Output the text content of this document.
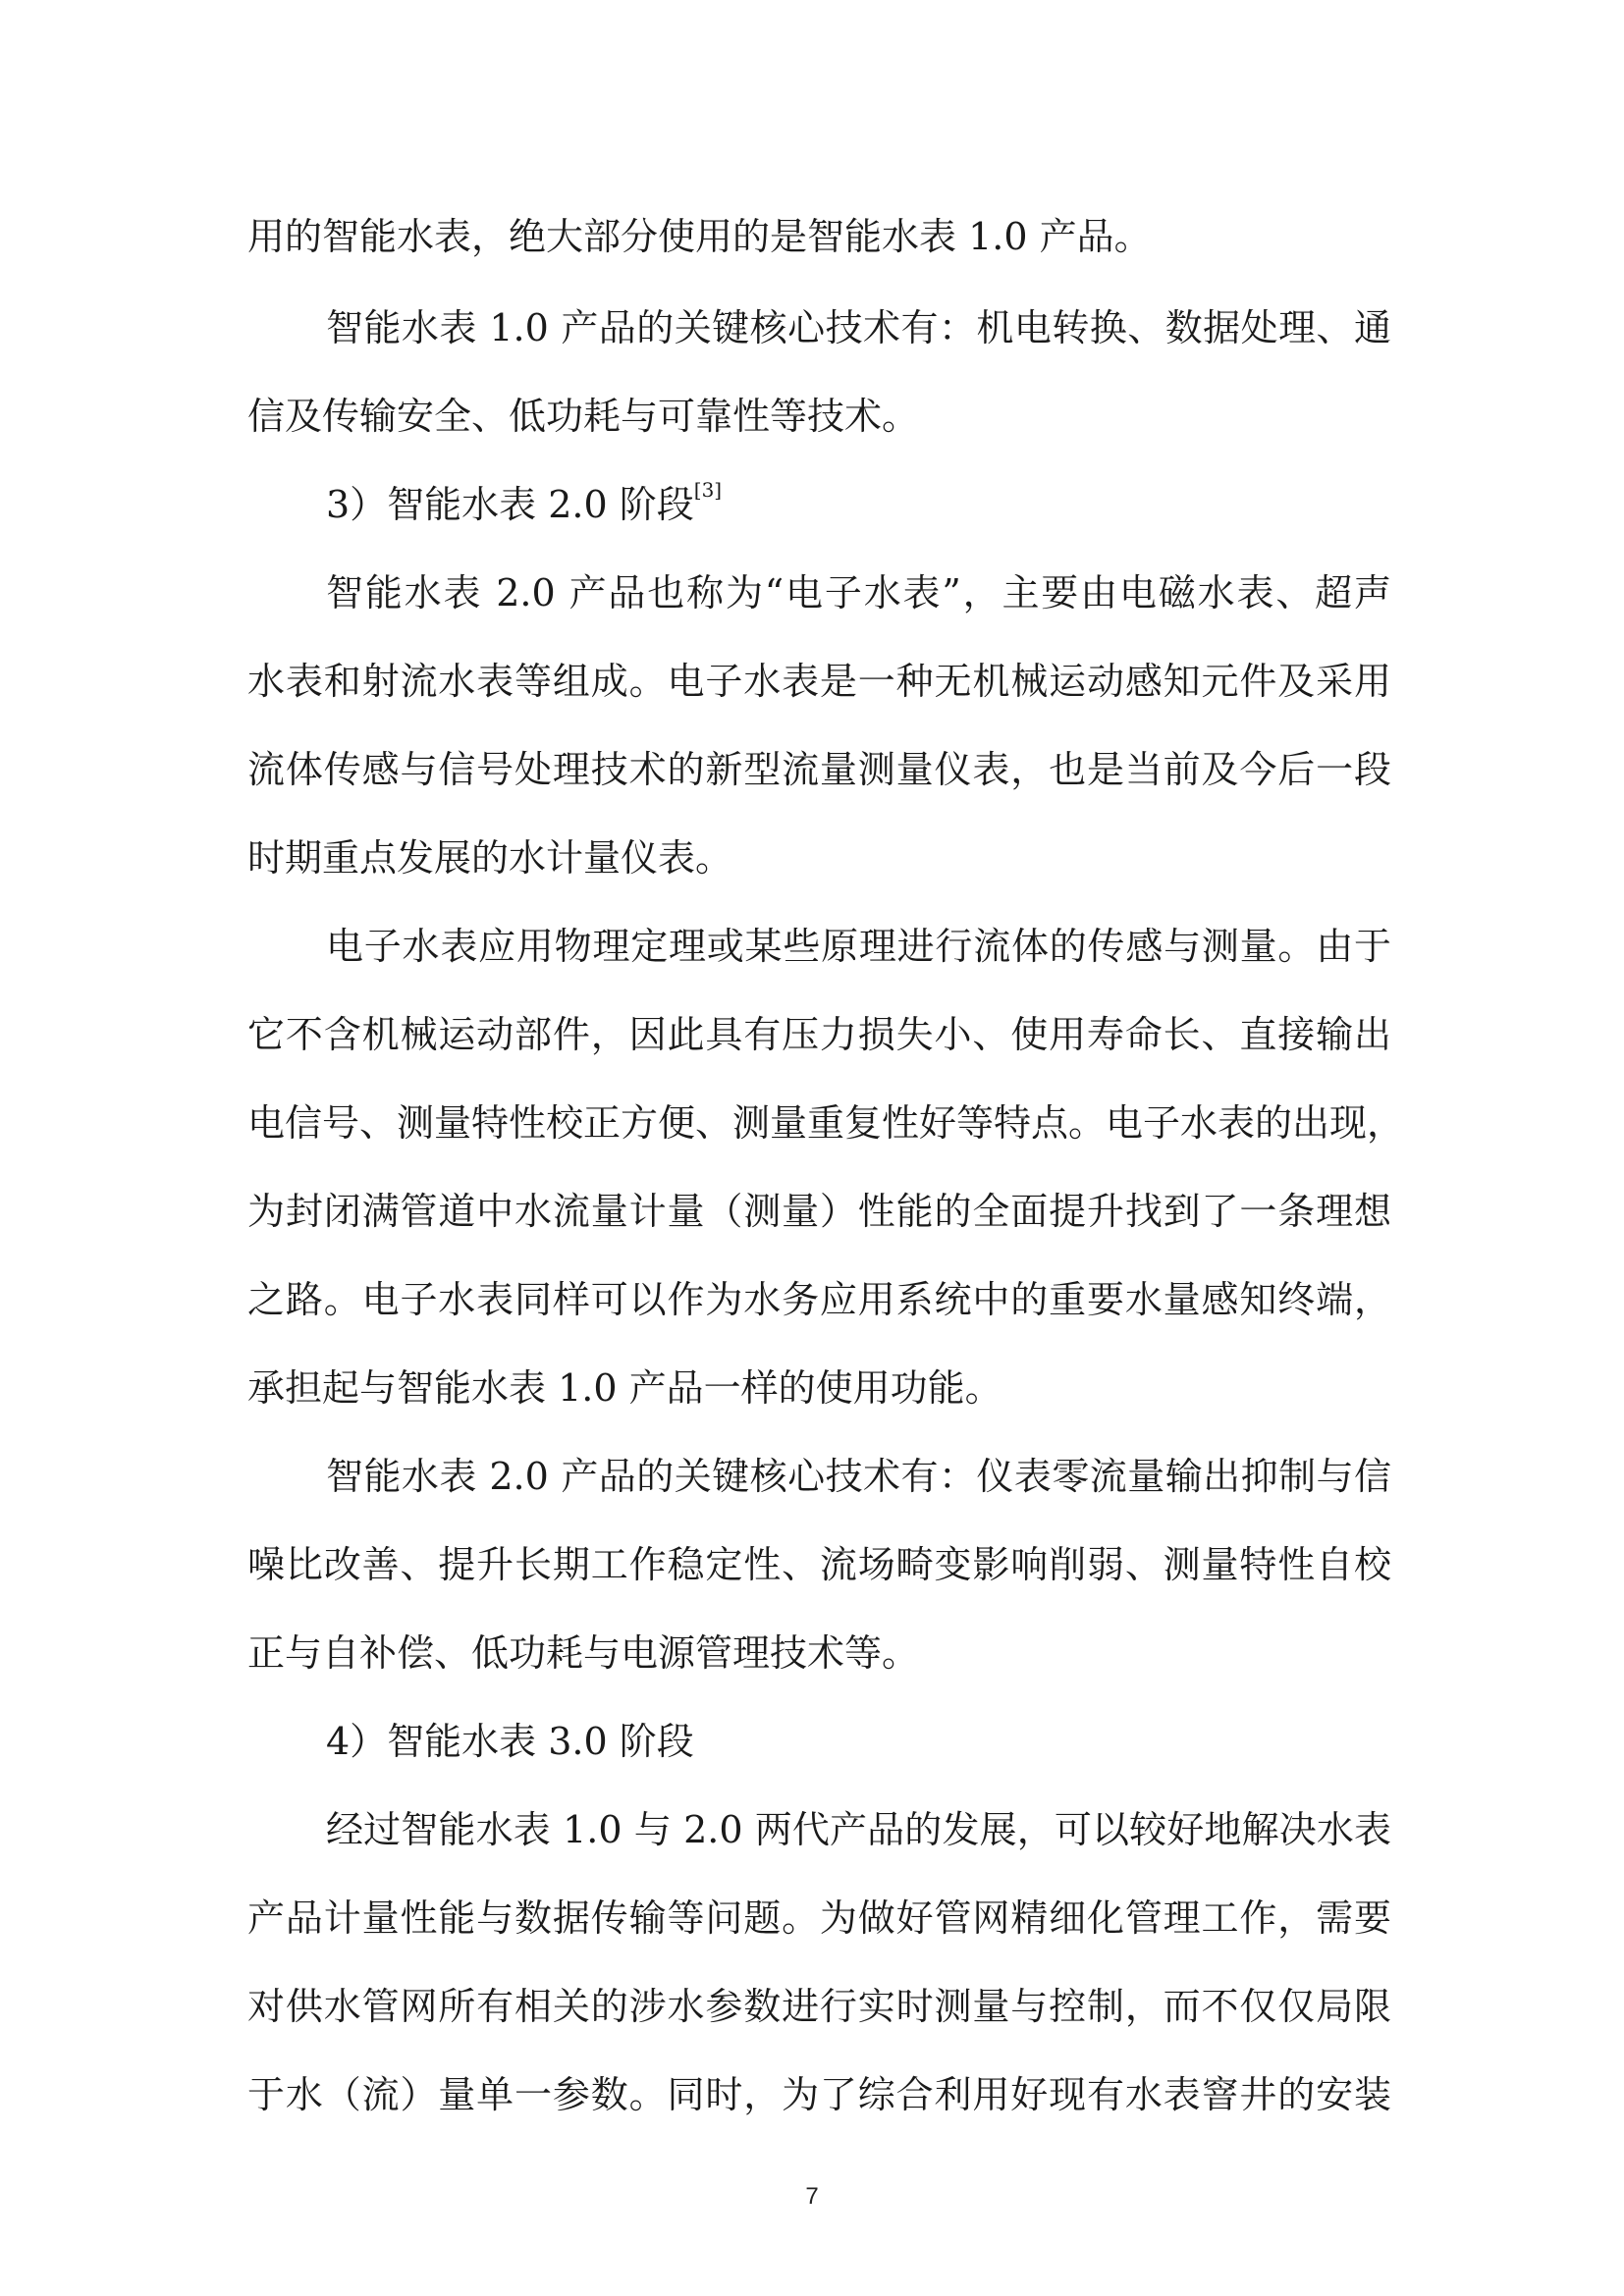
用的智能水表，绝大部分使用的是智能水表 1.0 产品。
智能水表 1.0 产品的关键核心技术有：机电转换、数据处理、通
信及传输安全、低功耗与可靠性等技术。
3）智能水表 2.0 阶段[3]
智能水表 2.0 产品也称为“电子水表”，主要由电磁水表、超声
水表和射流水表等组成。电子水表是一种无机械运动感知元件及采用
流体传感与信号处理技术的新型流量测量仪表，也是当前及今后一段
时期重点发展的水计量仪表。
电子水表应用物理定理或某些原理进行流体的传感与测量。由于
它不含机械运动部件，因此具有压力损失小、使用寿命长、直接输出
电信号、测量特性校正方便、测量重复性好等特点。电子水表的出现，
为封闭满管道中水流量计量（测量）性能的全面提升找到了一条理想
之路。电子水表同样可以作为水务应用系统中的重要水量感知终端，
承担起与智能水表 1.0 产品一样的使用功能。
智能水表 2.0 产品的关键核心技术有：仪表零流量输出抑制与信
噪比改善、提升长期工作稳定性、流场畸变影响削弱、测量特性自校
正与自补偿、低功耗与电源管理技术等。
4）智能水表 3.0 阶段
经过智能水表 1.0 与 2.0 两代产品的发展，可以较好地解决水表
产品计量性能与数据传输等问题。为做好管网精细化管理工作，需要
对供水管网所有相关的涉水参数进行实时测量与控制，而不仅仅局限
于水（流）量单一参数。同时，为了综合利用好现有水表窨井的安装
7
